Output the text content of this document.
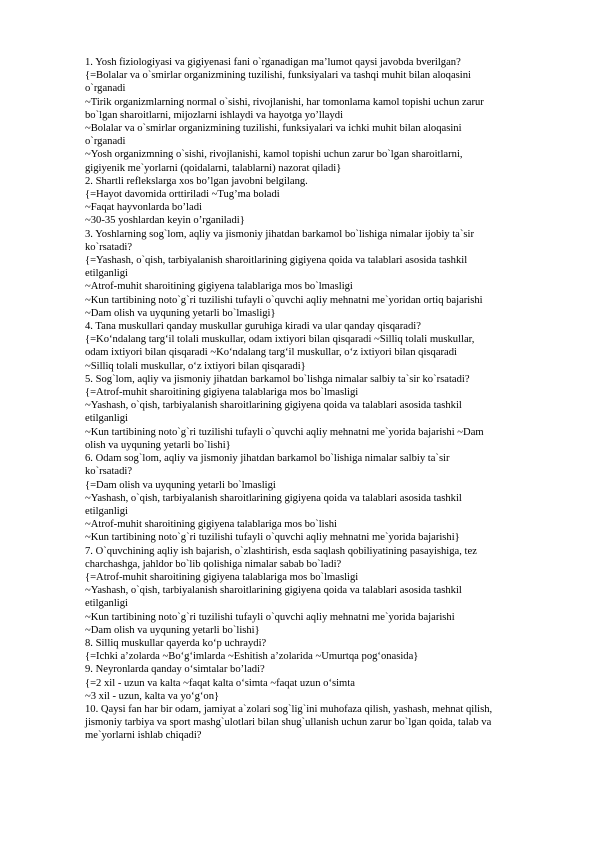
1. Yosh fiziologiyasi va gigiyenasi fani o`rganadigan ma’lumot qaysi javobda bverilgan?
{=Bolalar va o`smirlar organizmining tuzilishi, funksiyalari va tashqi muhit bilan aloqasini
o`rganadi
~Tirik organizmlarning normal o`sishi, rivojlanishi, har tomonlama kamol topishi uchun zarur
bo`lgan sharoitlarni, mijozlarni ishlaydi va hayotga yo’llaydi
~Bolalar va o`smirlar organizmining tuzilishi, funksiyalari va ichki muhit bilan aloqasini
o`rganadi
~Yosh organizmning o`sishi, rivojlanishi, kamol topishi uchun zarur bo`lgan sharoitlarni,
gigiyenik me`yorlarni (qoidalarni, talablarni) nazorat qiladi}
2. Shartli reflekslarga xos bo’lgan javobni belgilang.
{=Hayot davomida orttiriladi ~Tug’ma boladi
~Faqat hayvonlarda bo’ladi
~30-35 yoshlardan keyin o’rganiladi}
3. Yoshlarning sog`lom, aqliy va jismoniy jihatdan barkamol bo`lishiga nimalar ijobiy ta`sir
ko`rsatadi?
{=Yashash, o`qish, tarbiyalanish sharoitlarining gigiyena qoida va talablari asosida tashkil
etilganligi
~Atrof-muhit sharoitining gigiyena talablariga mos bo`lmasligi
~Kun tartibining noto`g`ri tuzilishi tufayli o`quvchi aqliy mehnatni me`yoridan ortiq bajarishi
~Dam olish va uyquning yetarli bo`lmasligi}
4. Tana muskullari qanday muskullar guruhiga kiradi va ular qanday qisqaradi?
{=Ko‘ndalang targ‘il tolali muskullar, odam ixtiyori bilan qisqaradi ~Silliq tolali muskullar,
odam ixtiyori bilan qisqaradi ~Ko‘ndalang targ‘il muskullar, o‘z ixtiyori bilan qisqaradi
~Silliq tolali muskullar, o‘z ixtiyori bilan qisqaradi}
5. Sog`lom, aqliy va jismoniy jihatdan barkamol bo`lishga nimalar salbiy ta`sir ko`rsatadi?
{=Atrof-muhit sharoitining gigiyena talablariga mos bo`lmasligi
~Yashash, o`qish, tarbiyalanish sharoitlarining gigiyena qoida va talablari asosida tashkil
etilganligi
~Kun tartibining noto`g`ri tuzilishi tufayli o`quvchi aqliy mehnatni me`yorida bajarishi ~Dam
olish va uyquning yetarli bo`lishi}
6. Odam sog`lom, aqliy va jismoniy jihatdan barkamol bo`lishiga nimalar salbiy ta`sir
ko`rsatadi?
{=Dam olish va uyquning yetarli bo`lmasligi
~Yashash, o`qish, tarbiyalanish sharoitlarining gigiyena qoida va talablari asosida tashkil
etilganligi
~Atrof-muhit sharoitining gigiyena talablariga mos bo`lishi
~Kun tartibining noto`g`ri tuzilishi tufayli o`quvchi aqliy mehnatni me`yorida bajarishi}
7. O`quvchining aqliy ish bajarish, o`zlashtirish, esda saqlash qobiliyatining pasayishiga, tez
charchashga, jahldor bo`lib qolishiga nimalar sabab bo`ladi?
{=Atrof-muhit sharoitining gigiyena talablariga mos bo`lmasligi
~Yashash, o`qish, tarbiyalanish sharoitlarining gigiyena qoida va talablari asosida tashkil
etilganligi
~Kun tartibining noto`g`ri tuzilishi tufayli o`quvchi aqliy mehnatni me`yorida bajarishi
~Dam olish va uyquning yetarli bo`lishi}
8. Silliq muskullar qayerda ko‘p uchraydi?
{=Ichki a’zolarda ~Bo‘g‘imlarda ~Eshitish a’zolarida ~Umurtqa pog‘onasida}
9. Neyronlarda qanday o‘simtalar bo’ladi?
{=2 xil - uzun va kalta ~faqat kalta o‘simta ~faqat uzun o‘simta
~3 xil - uzun, kalta va yo‘g‘on}
10. Qaysi fan har bir odam, jamiyat a`zolari sog`lig`ini muhofaza qilish, yashash, mehnat qilish,
jismoniy tarbiya va sport mashg`ulotlari bilan shug`ullanish uchun zarur bo`lgan qoida, talab va
me`yorlarni ishlab chiqadi?
